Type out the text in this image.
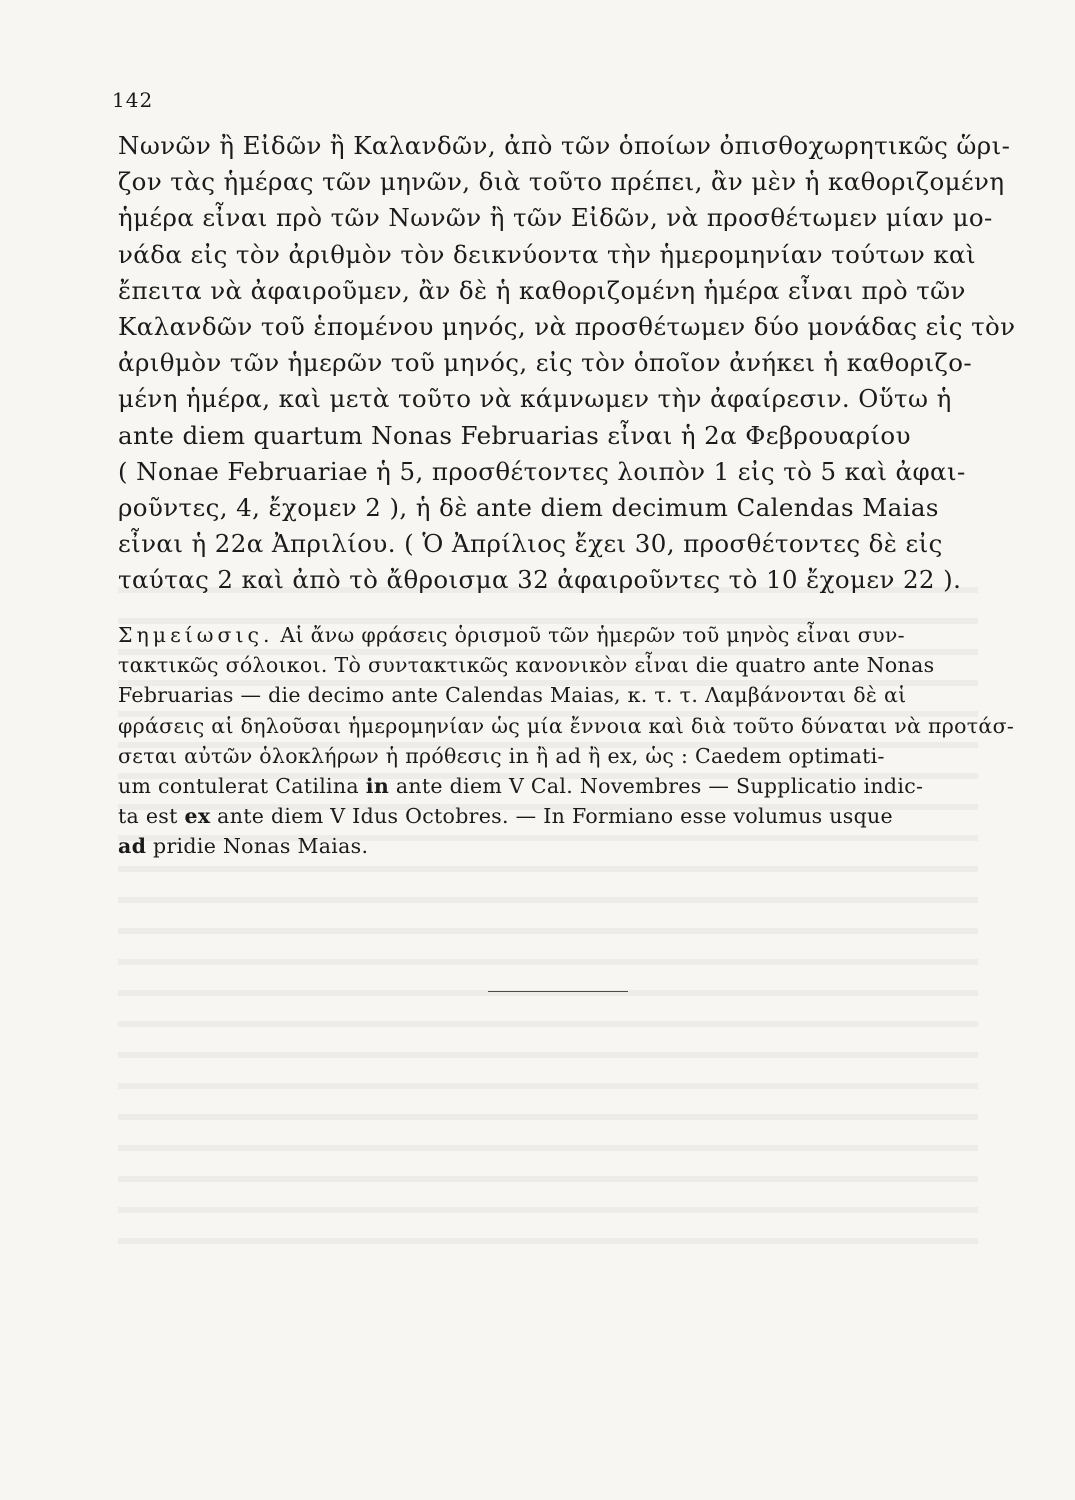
142
Νωνῶν ἢ Εἰδῶν ἢ Καλανδῶν, ἀπὸ τῶν ὁποίων ὀπισθοχωρητικῶς ὥρι-
ζον τὰς ἡμέρας τῶν μηνῶν, διὰ τοῦτο πρέπει, ἂν μὲν ἡ καθοριζομένη
ἡμέρα εἶναι πρὸ τῶν Νωνῶν ἢ τῶν Εἰδῶν, νὰ προσθέτωμεν μίαν μο-
νάδα εἰς τὸν ἀριθμὸν τὸν δεικνύοντα τὴν ἡμερομηνίαν τούτων καὶ
ἔπειτα νὰ ἀφαιροῦμεν, ἂν δὲ ἡ καθοριζομένη ἡμέρα εἶναι πρὸ τῶν
Καλανδῶν τοῦ ἑπομένου μηνός, νὰ προσθέτωμεν δύο μονάδας εἰς τὸν
ἀριθμὸν τῶν ἡμερῶν τοῦ μηνός, εἰς τὸν ὁποῖον ἀνήκει ἡ καθοριζο-
μένη ἡμέρα, καὶ μετὰ τοῦτο νὰ κάμνωμεν τὴν ἀφαίρεσιν. Οὕτω ἡ
ante diem quartum Nonas Februarias εἶναι ἡ 2α Φεβρουαρίου
( Nonae Februariae ἡ 5, προσθέτοντες λοιπὸν 1 εἰς τὸ 5 καὶ ἀφαι-
ροῦντες, 4, ἔχομεν 2 ), ἡ δὲ ante diem decimum Calendas Maias
εἶναι ἡ 22α Ἀπριλίου. ( Ὁ Ἀπρίλιος ἔχει 30, προσθέτοντες δὲ εἰς
ταύτας 2 καὶ ἀπὸ τὸ ἄθροισμα 32 ἀφαιροῦντες τὸ 10 ἔχομεν 22 ).
Σημείωσις. Αἱ ἄνω φράσεις ὁρισμοῦ τῶν ἡμερῶν τοῦ μηνὸς εἶναι συν-
τακτικῶς σόλοικοι. Τὸ συντακτικῶς κανονικὸν εἶναι die quatro ante Nonas
Februarias — die decimo ante Calendas Maias, κ. τ. τ. Λαμβάνονται δὲ αἱ
φράσεις αἱ δηλοῦσαι ἡμερομηνίαν ὡς μία ἔννοια καὶ διὰ τοῦτο δύναται νὰ προτάσ-
σεται αὐτῶν ὁλοκλήρων ἡ πρόθεσις in ἢ ad ἢ ex, ὡς : Caedem optimati-
um contulerat Catilina in ante diem V Cal. Novembres — Supplicatio indic-
ta est ex ante diem V Idus Octobres. — In Formiano esse volumus usque
ad pridie Nonas Maias.
